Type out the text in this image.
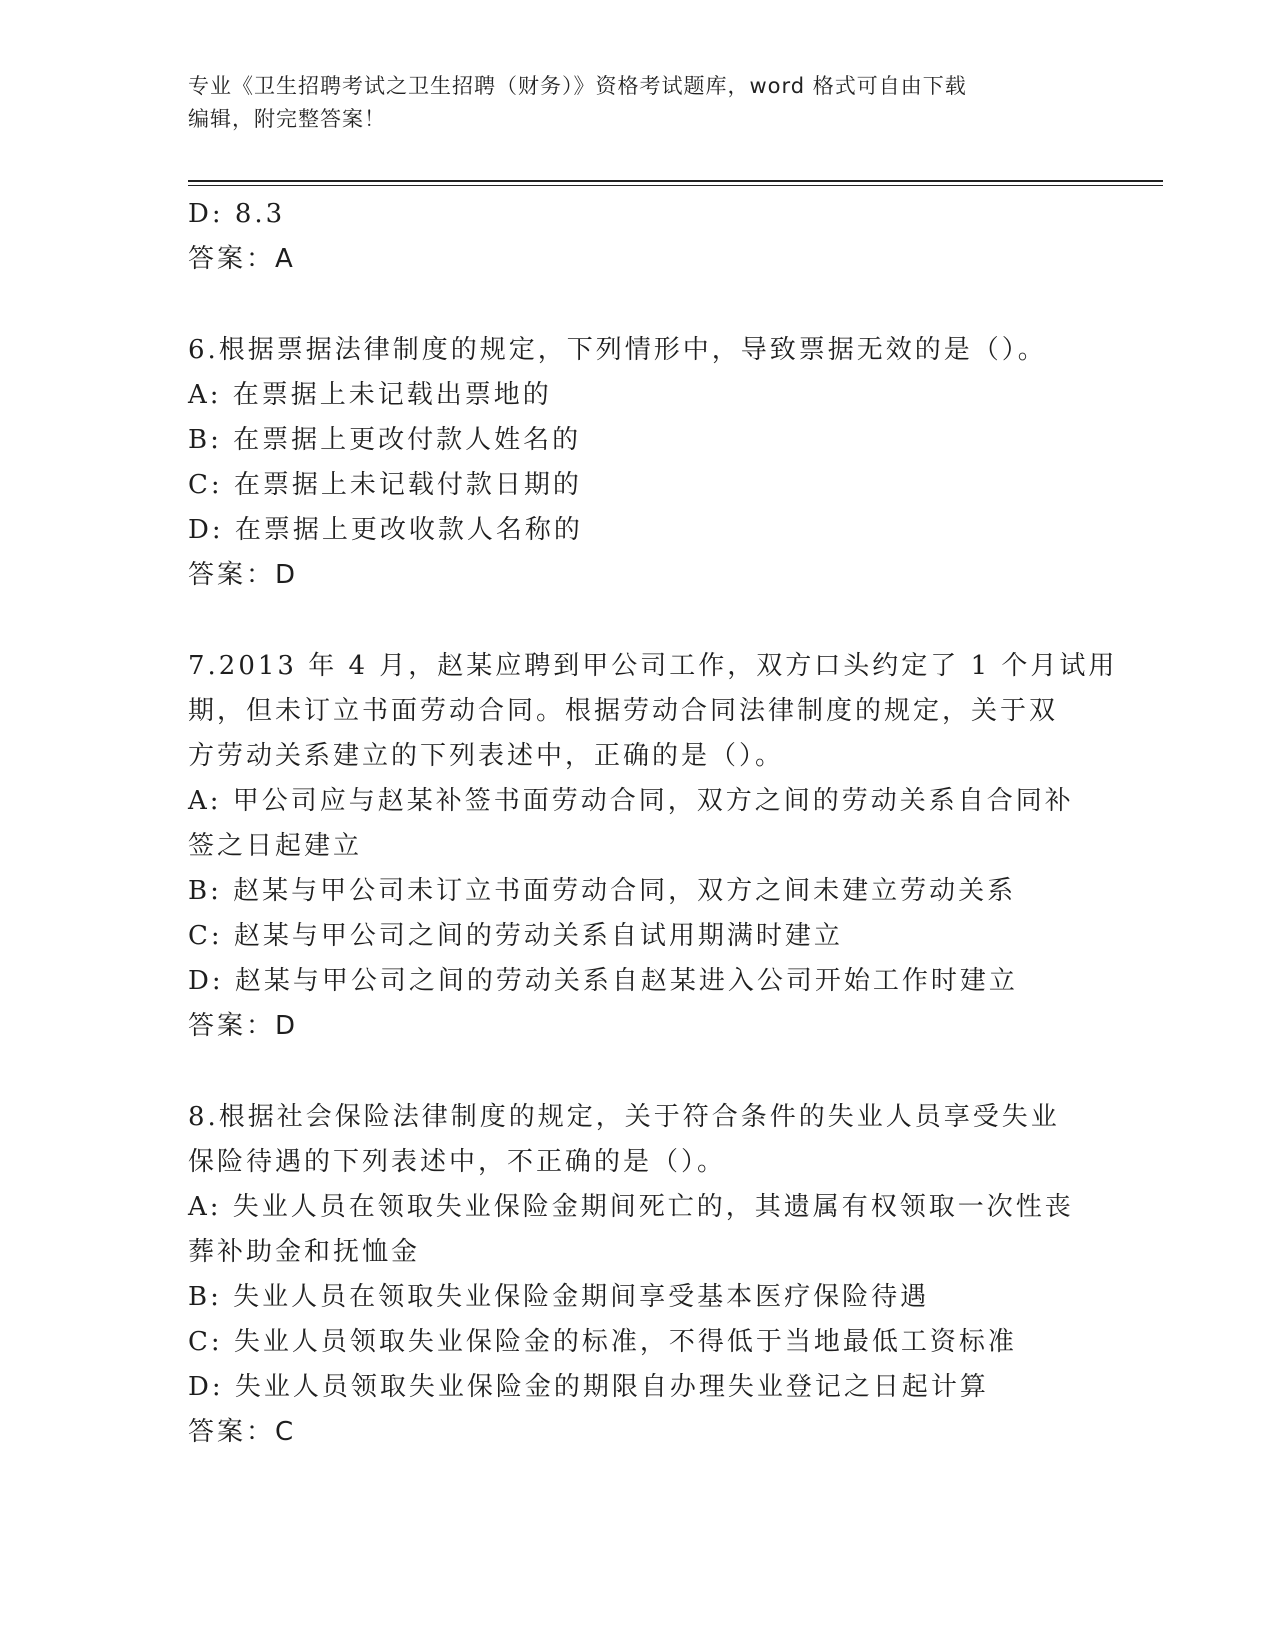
专业《卫生招聘考试之卫生招聘（财务）》资格考试题库，word 格式可自由下载
编辑，附完整答案！
D: 8.3
答案：A
6.根据票据法律制度的规定，下列情形中，导致票据无效的是（）。
A: 在票据上未记载出票地的
B: 在票据上更改付款人姓名的
C: 在票据上未记载付款日期的
D: 在票据上更改收款人名称的
答案：D
7.2013 年 4 月，赵某应聘到甲公司工作，双方口头约定了 1 个月试用
期，但未订立书面劳动合同。根据劳动合同法律制度的规定，关于双
方劳动关系建立的下列表述中，正确的是（）。
A: 甲公司应与赵某补签书面劳动合同，双方之间的劳动关系自合同补
签之日起建立
B: 赵某与甲公司未订立书面劳动合同，双方之间未建立劳动关系
C: 赵某与甲公司之间的劳动关系自试用期满时建立
D: 赵某与甲公司之间的劳动关系自赵某进入公司开始工作时建立
答案：D
8.根据社会保险法律制度的规定，关于符合条件的失业人员享受失业
保险待遇的下列表述中，不正确的是（）。
A: 失业人员在领取失业保险金期间死亡的，其遗属有权领取一次性丧
葬补助金和抚恤金
B: 失业人员在领取失业保险金期间享受基本医疗保险待遇
C: 失业人员领取失业保险金的标准，不得低于当地最低工资标准
D: 失业人员领取失业保险金的期限自办理失业登记之日起计算
答案：C
